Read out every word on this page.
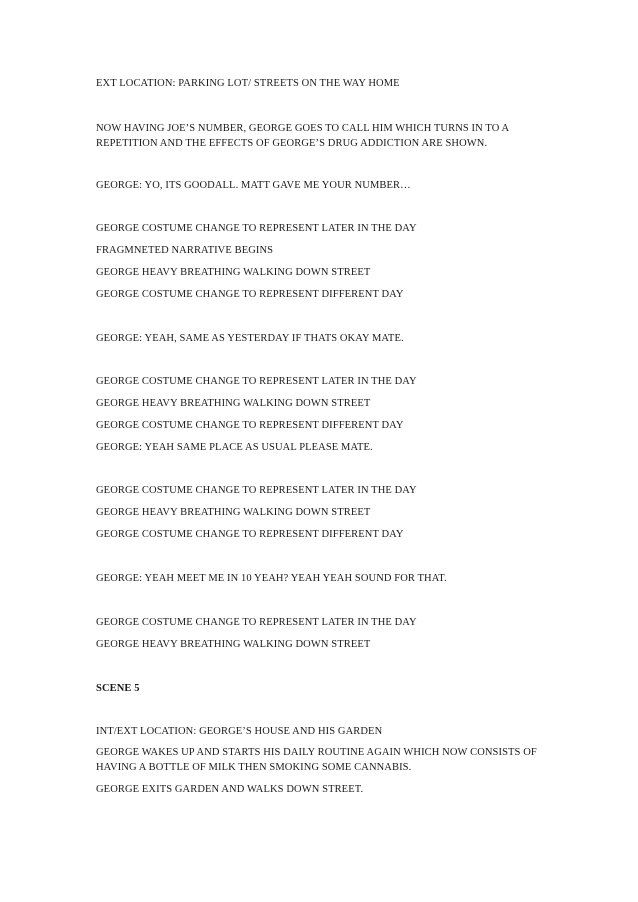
EXT LOCATION: PARKING LOT/ STREETS ON THE WAY HOME

NOW HAVING JOE’S NUMBER, GEORGE GOES TO CALL HIM WHICH TURNS IN TO A REPETITION AND THE EFFECTS OF GEORGE’S DRUG ADDICTION ARE SHOWN.

GEORGE: YO, ITS GOODALL. MATT GAVE ME YOUR NUMBER…

GEORGE COSTUME CHANGE TO REPRESENT LATER IN THE DAY

FRAGMNETED NARRATIVE BEGINS

GEORGE HEAVY BREATHING WALKING DOWN STREET

GEORGE COSTUME CHANGE TO REPRESENT DIFFERENT DAY

GEORGE: YEAH, SAME AS YESTERDAY IF THATS OKAY MATE.

GEORGE COSTUME CHANGE TO REPRESENT LATER IN THE DAY

GEORGE HEAVY BREATHING WALKING DOWN STREET

GEORGE COSTUME CHANGE TO REPRESENT DIFFERENT DAY

GEORGE: YEAH SAME PLACE AS USUAL PLEASE MATE.

GEORGE COSTUME CHANGE TO REPRESENT LATER IN THE DAY

GEORGE HEAVY BREATHING WALKING DOWN STREET

GEORGE COSTUME CHANGE TO REPRESENT DIFFERENT DAY

GEORGE: YEAH MEET ME IN 10 YEAH? YEAH YEAH SOUND FOR THAT.

GEORGE COSTUME CHANGE TO REPRESENT LATER IN THE DAY

GEORGE HEAVY BREATHING WALKING DOWN STREET

SCENE 5

INT/EXT LOCATION: GEORGE’S HOUSE AND HIS GARDEN

GEORGE WAKES UP AND STARTS HIS DAILY ROUTINE AGAIN WHICH NOW CONSISTS OF HAVING A BOTTLE OF MILK THEN SMOKING SOME CANNABIS.

GEORGE EXITS GARDEN AND WALKS DOWN STREET.
